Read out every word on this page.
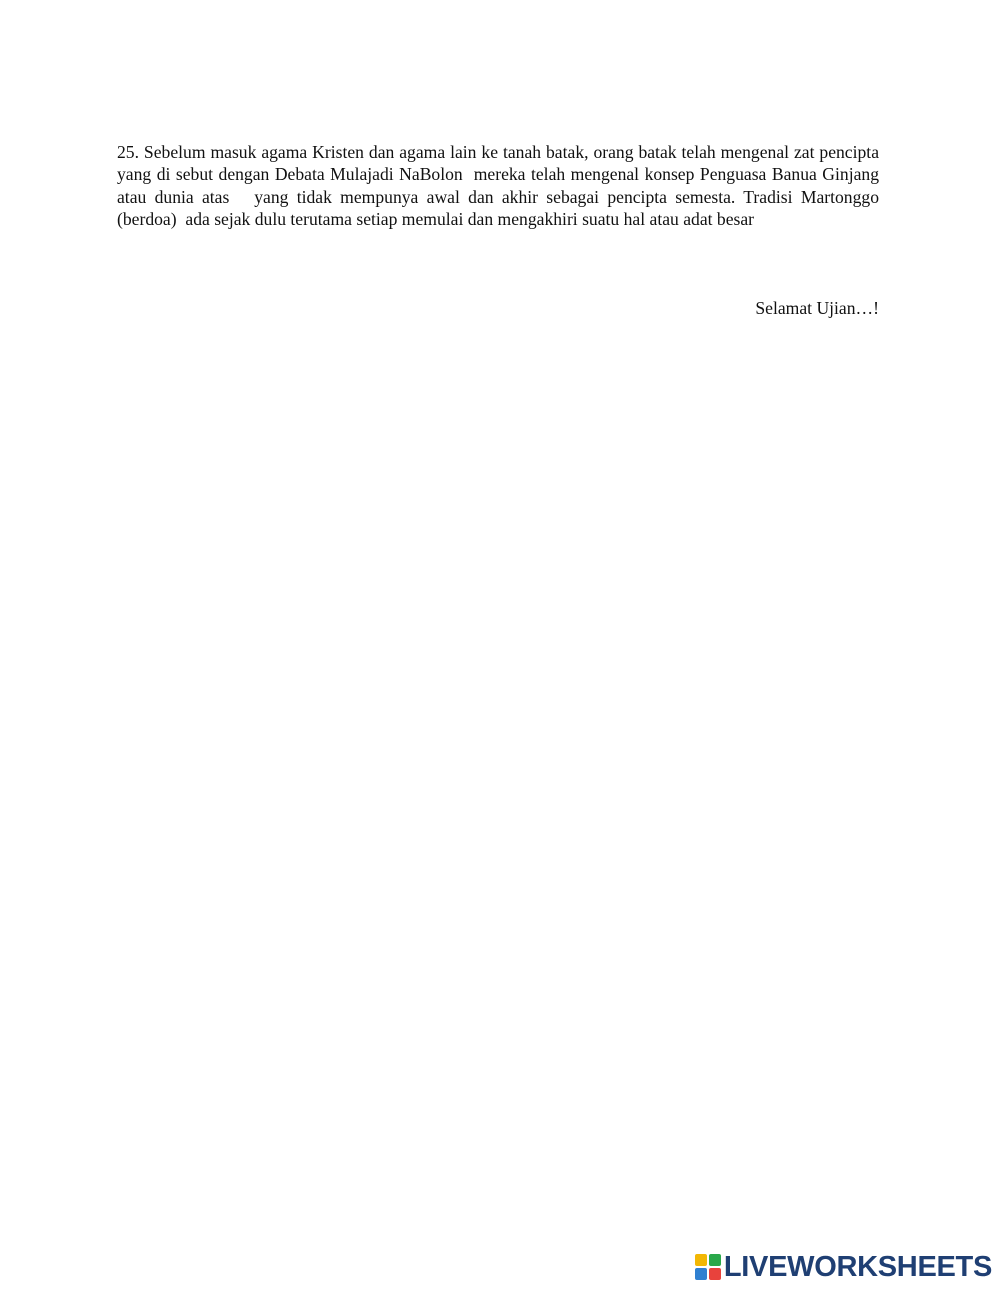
25. Sebelum masuk agama Kristen dan agama lain ke tanah batak, orang batak telah mengenal zat pencipta yang di sebut dengan Debata Mulajadi NaBolon  mereka telah mengenal konsep Penguasa Banua Ginjang atau dunia atas   yang tidak mempunya awal dan akhir sebagai pencipta semesta. Tradisi Martonggo (berdoa)  ada sejak dulu terutama setiap memulai dan mengakhiri suatu hal atau adat besar

Selamat Ujian…!

LIVEWORKSHEETS
